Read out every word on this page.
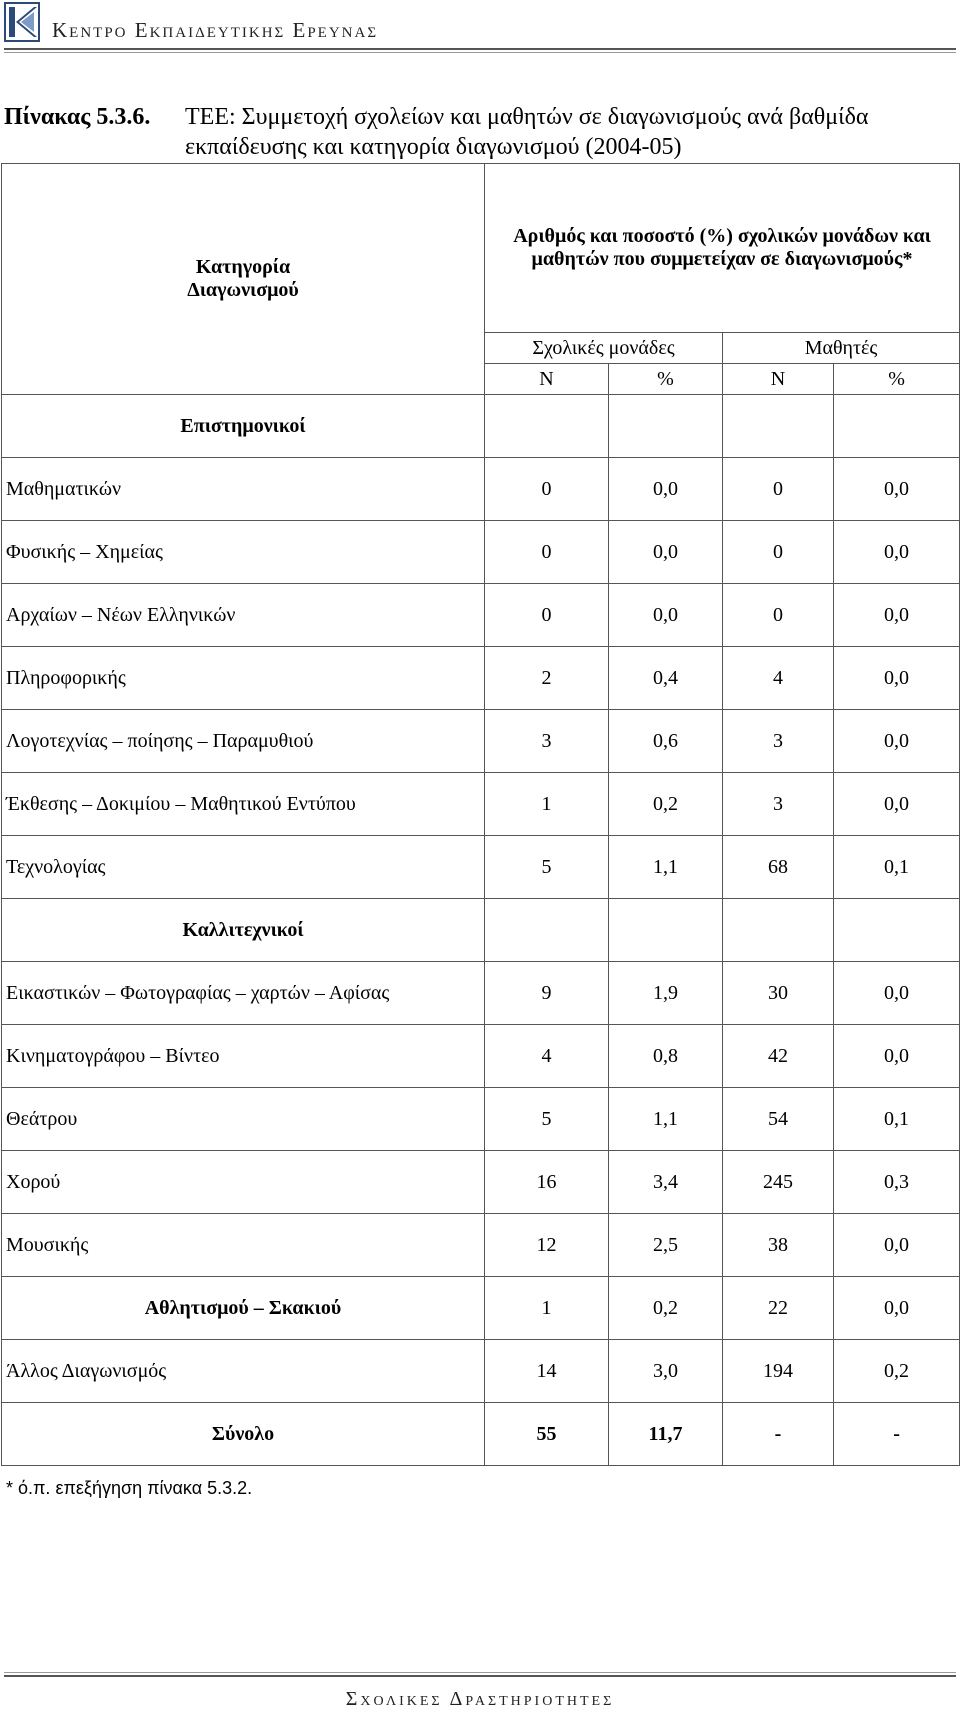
Κεντρο Εκπαιδευτικης Ερευνας
Πίνακας 5.3.6. ΤΕΕ: Συμμετοχή σχολείων και μαθητών σε διαγωνισμούς ανά βαθμίδα εκπαίδευσης και κατηγορία διαγωνισμού (2004-05)
Κατηγορία
Διαγωνισμού	Αριθμός και ποσοστό (%) σχολικών μονάδων και μαθητών που συμμετείχαν σε διαγωνισμούς*			
	Σχολικές μονάδες		Μαθητές	
	Ν	%	Ν	%
Επιστημονικοί				
Μαθηματικών	0	0,0	0	0,0
Φυσικής – Χημείας	0	0,0	0	0,0
Αρχαίων – Νέων Ελληνικών	0	0,0	0	0,0
Πληροφορικής	2	0,4	4	0,0
Λογοτεχνίας – ποίησης – Παραμυθιού	3	0,6	3	0,0
Έκθεσης – Δοκιμίου – Μαθητικού Εντύπου	1	0,2	3	0,0
Τεχνολογίας	5	1,1	68	0,1
Καλλιτεχνικοί				
Εικαστικών – Φωτογραφίας – χαρτών – Αφίσας	9	1,9	30	0,0
Κινηματογράφου – Βίντεο	4	0,8	42	0,0
Θεάτρου	5	1,1	54	0,1
Χορού	16	3,4	245	0,3
Μουσικής	12	2,5	38	0,0
Αθλητισμού – Σκακιού	1	0,2	22	0,0
Άλλος Διαγωνισμός	14	3,0	194	0,2
Σύνολο	55	11,7	-	-
* ό.π. επεξήγηση πίνακα 5.3.2.
Σχολικες Δραστηριοτητες
